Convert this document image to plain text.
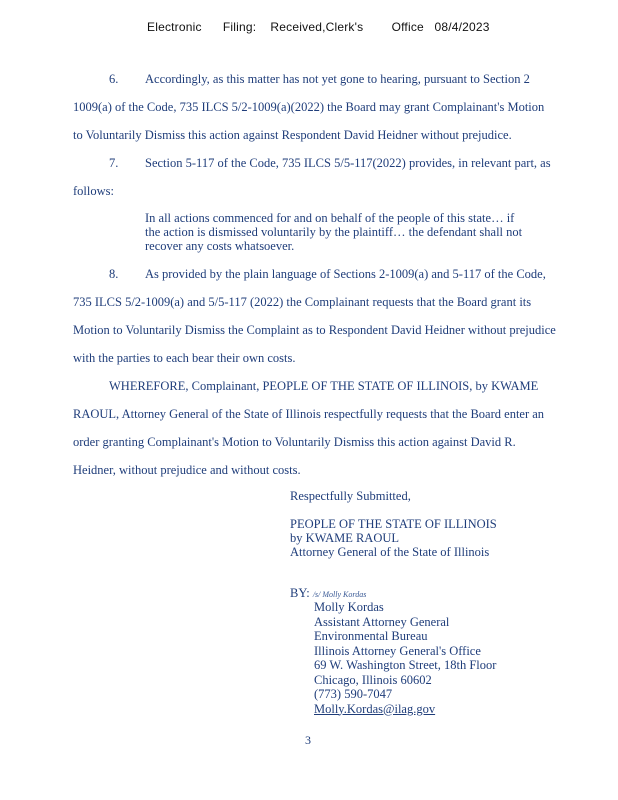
Electronic      Filing:    Received,Clerk's        Office   08/4/2023
6. Accordingly, as this matter has not yet gone to hearing, pursuant to Section 2
1009(a) of the Code, 735 ILCS 5/2-1009(a)(2022) the Board may grant Complainant's Motion
to Voluntarily Dismiss this action against Respondent David Heidner without prejudice.
7. Section 5-117 of the Code, 735 ILCS 5/5-117(2022) provides, in relevant part, as
follows:
In all actions commenced for and on behalf of the people of this state… if
the action is dismissed voluntarily by the plaintiff… the defendant shall not
recover any costs whatsoever.
8. As provided by the plain language of Sections 2-1009(a) and 5-117 of the Code,
735 ILCS 5/2-1009(a) and 5/5-117 (2022) the Complainant requests that the Board grant its
Motion to Voluntarily Dismiss the Complaint as to Respondent David Heidner without prejudice
with the parties to each bear their own costs.
WHEREFORE, Complainant, PEOPLE OF THE STATE OF ILLINOIS, by KWAME
RAOUL, Attorney General of the State of Illinois respectfully requests that the Board enter an
order granting Complainant's Motion to Voluntarily Dismiss this action against David R.
Heidner, without prejudice and without costs.
Respectfully Submitted,
PEOPLE OF THE STATE OF ILLINOIS
by KWAME RAOUL
Attorney General of the State of Illinois
BY: /s/ Molly Kordas
Molly Kordas
Assistant Attorney General
Environmental Bureau
Illinois Attorney General's Office
69 W. Washington Street, 18th Floor
Chicago, Illinois 60602
(773) 590-7047
Molly.Kordas@ilag.gov
3
